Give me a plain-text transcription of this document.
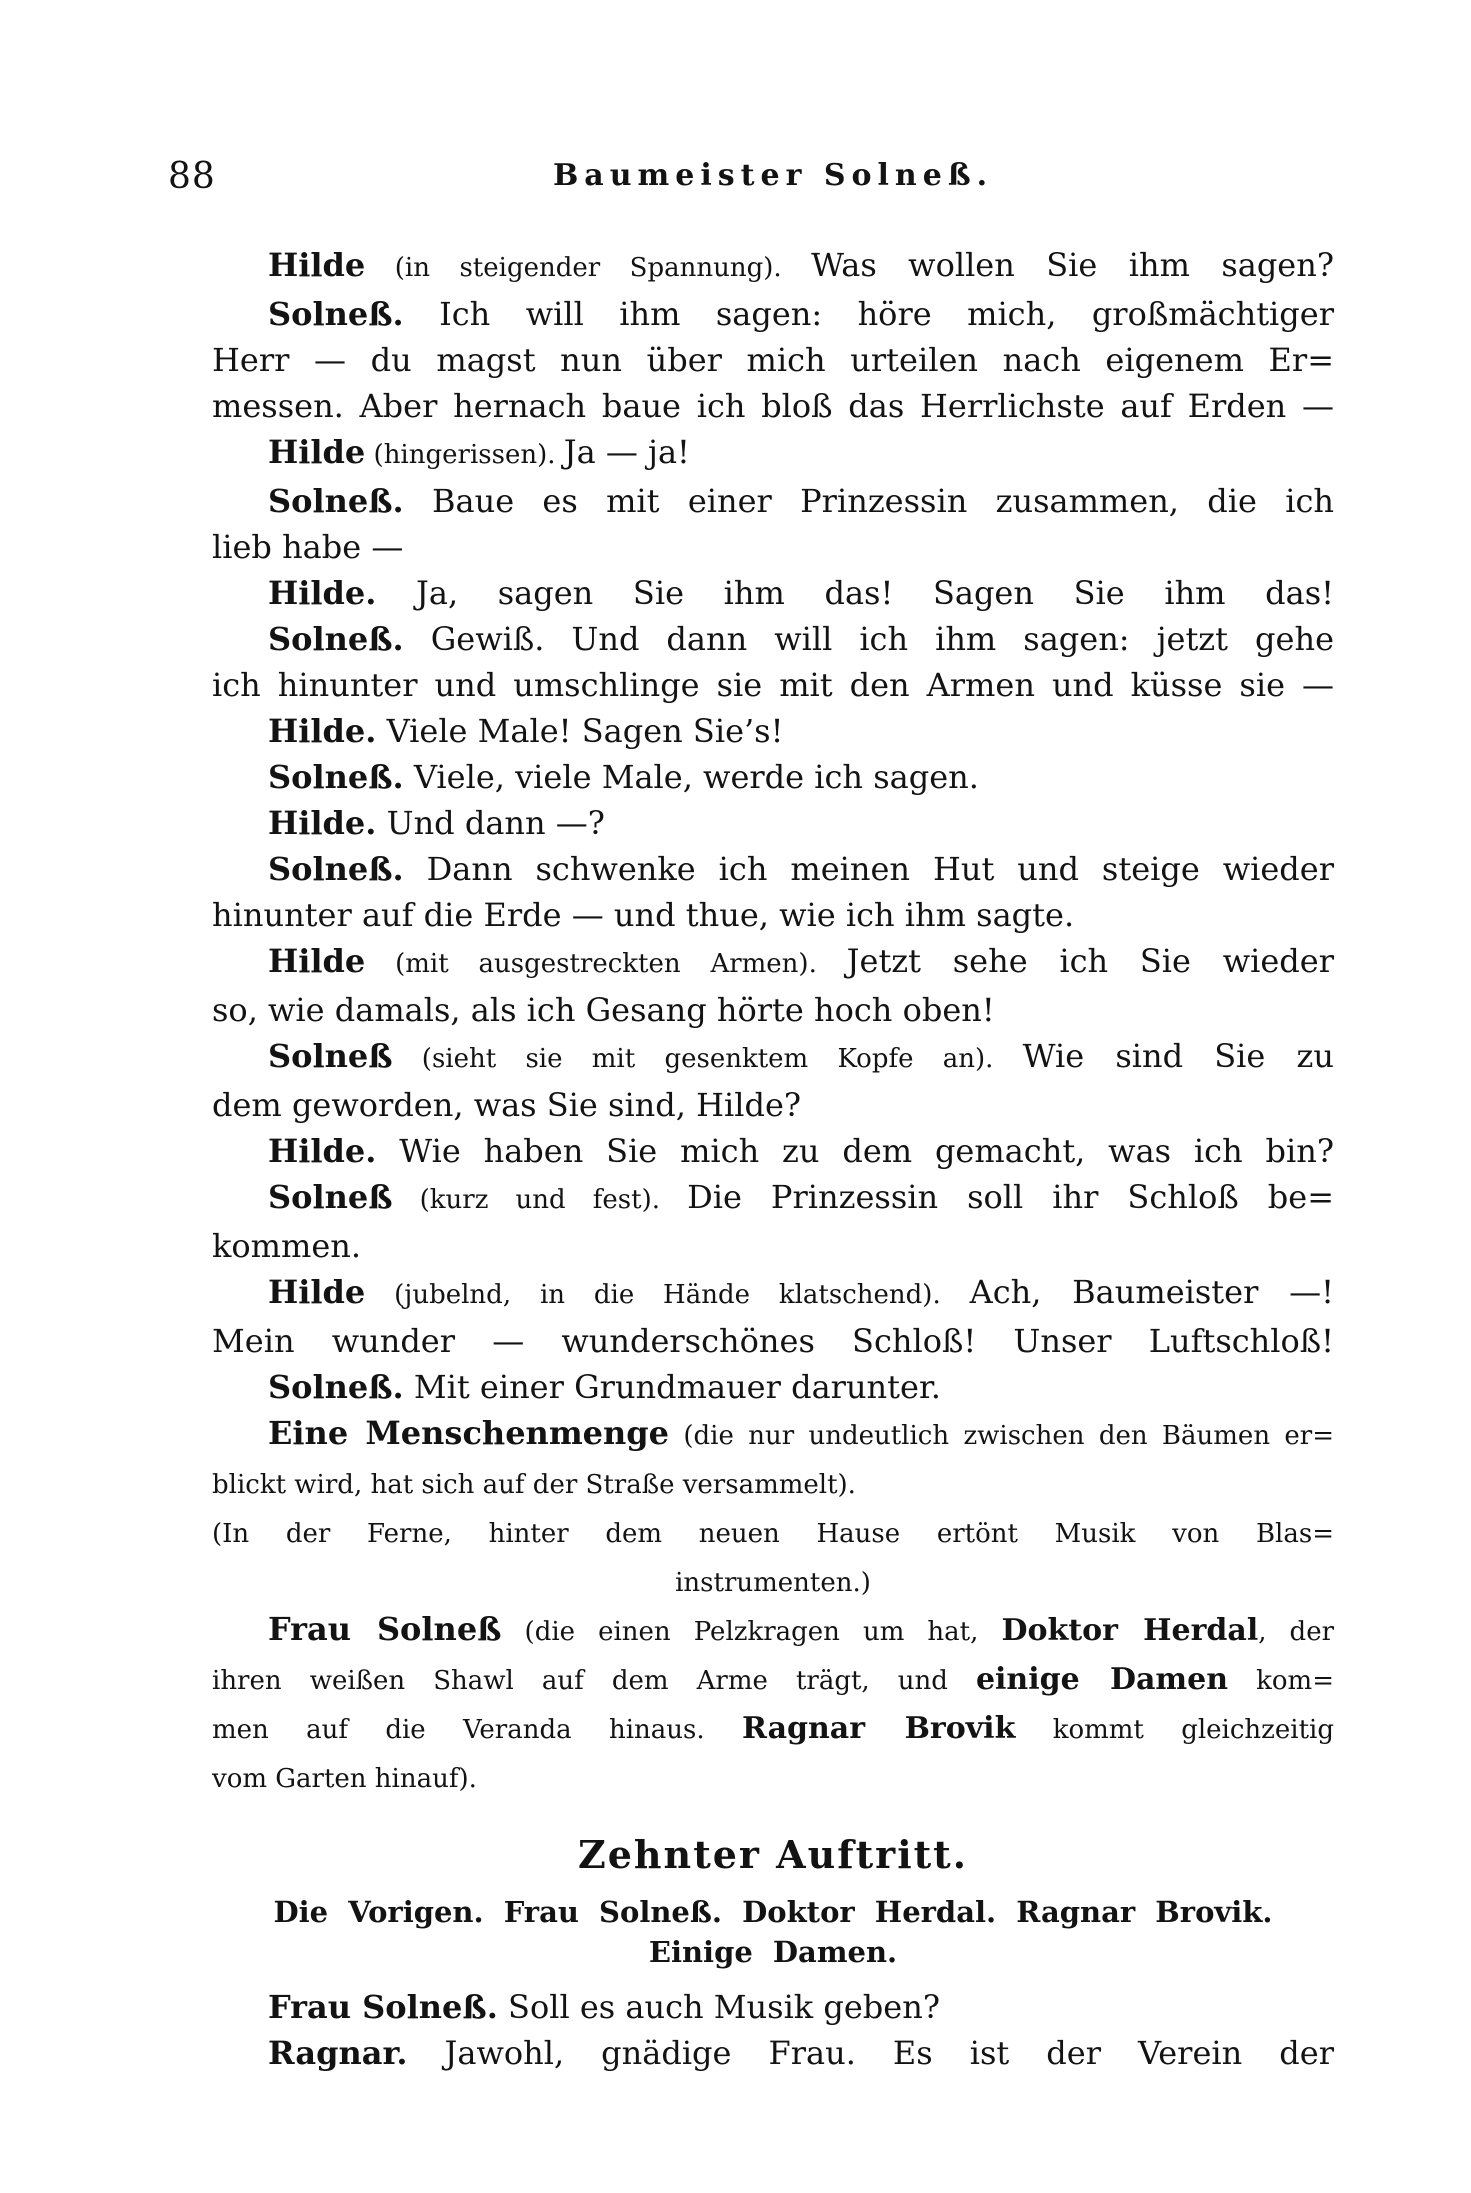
88	Baumeister Solneß.
Hilde (in steigender Spannung). Was wollen Sie ihm sagen?
Solneß. Ich will ihm sagen: höre mich, großmächtiger
Herr — du magst nun über mich urteilen nach eigenem Er=
messen. Aber hernach baue ich bloß das Herrlichste auf Erden —
Hilde (hingerissen). Ja — ja!
Solneß. Baue es mit einer Prinzessin zusammen, die ich
lieb habe —
Hilde. Ja, sagen Sie ihm das! Sagen Sie ihm das!
Solneß. Gewiß. Und dann will ich ihm sagen: jetzt gehe
ich hinunter und umschlinge sie mit den Armen und küsse sie —
Hilde. Viele Male! Sagen Sie’s!
Solneß. Viele, viele Male, werde ich sagen.
Hilde. Und dann —?
Solneß. Dann schwenke ich meinen Hut und steige wieder
hinunter auf die Erde — und thue, wie ich ihm sagte.
Hilde (mit ausgestreckten Armen). Jetzt sehe ich Sie wieder
so, wie damals, als ich Gesang hörte hoch oben!
Solneß (sieht sie mit gesenktem Kopfe an). Wie sind Sie zu
dem geworden, was Sie sind, Hilde?
Hilde. Wie haben Sie mich zu dem gemacht, was ich bin?
Solneß (kurz und fest). Die Prinzessin soll ihr Schloß be=
kommen.
Hilde (jubelnd, in die Hände klatschend). Ach, Baumeister —!
Mein wunder — wunderschönes Schloß! Unser Luftschloß!
Solneß. Mit einer Grundmauer darunter.
Eine Menschenmenge (die nur undeutlich zwischen den Bäumen er=
blickt wird, hat sich auf der Straße versammelt).
(In der Ferne, hinter dem neuen Hause ertönt Musik von Blas=
instrumenten.)
Frau Solneß (die einen Pelzkragen um hat, Doktor Herdal, der
ihren weißen Shawl auf dem Arme trägt, und einige Damen kom=
men auf die Veranda hinaus. Ragnar Brovik kommt gleichzeitig
vom Garten hinauf).
Zehnter Auftritt.
Die Vorigen. Frau Solneß. Doktor Herdal. Ragnar Brovik.
Einige Damen.
Frau Solneß. Soll es auch Musik geben?
Ragnar. Jawohl, gnädige Frau. Es ist der Verein der
